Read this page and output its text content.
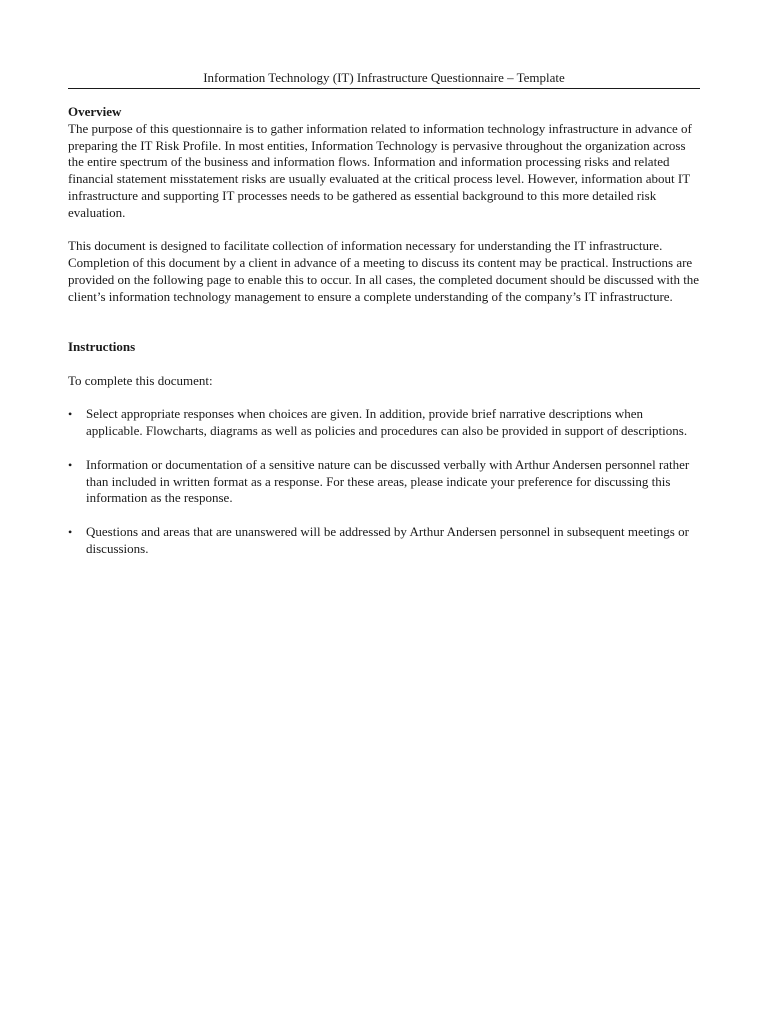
Information Technology (IT) Infrastructure Questionnaire – Template

Overview

The purpose of this questionnaire is to gather information related to information technology infrastructure in advance of preparing the IT Risk Profile. In most entities, Information Technology is pervasive throughout the organization across the entire spectrum of the business and information flows. Information and information processing risks and related financial statement misstatement risks are usually evaluated at the critical process level. However, information about IT infrastructure and supporting IT processes needs to be gathered as essential background to this more detailed risk evaluation.

This document is designed to facilitate collection of information necessary for understanding the IT infrastructure. Completion of this document by a client in advance of a meeting to discuss its content may be practical. Instructions are provided on the following page to enable this to occur. In all cases, the completed document should be discussed with the client’s information technology management to ensure a complete understanding of the company’s IT infrastructure.

Instructions

To complete this document:

• Select appropriate responses when choices are given. In addition, provide brief narrative descriptions when applicable. Flowcharts, diagrams as well as policies and procedures can also be provided in support of descriptions.
• Information or documentation of a sensitive nature can be discussed verbally with Arthur Andersen personnel rather than included in written format as a response. For these areas, please indicate your preference for discussing this information as the response.
• Questions and areas that are unanswered will be addressed by Arthur Andersen personnel in subsequent meetings or discussions.
